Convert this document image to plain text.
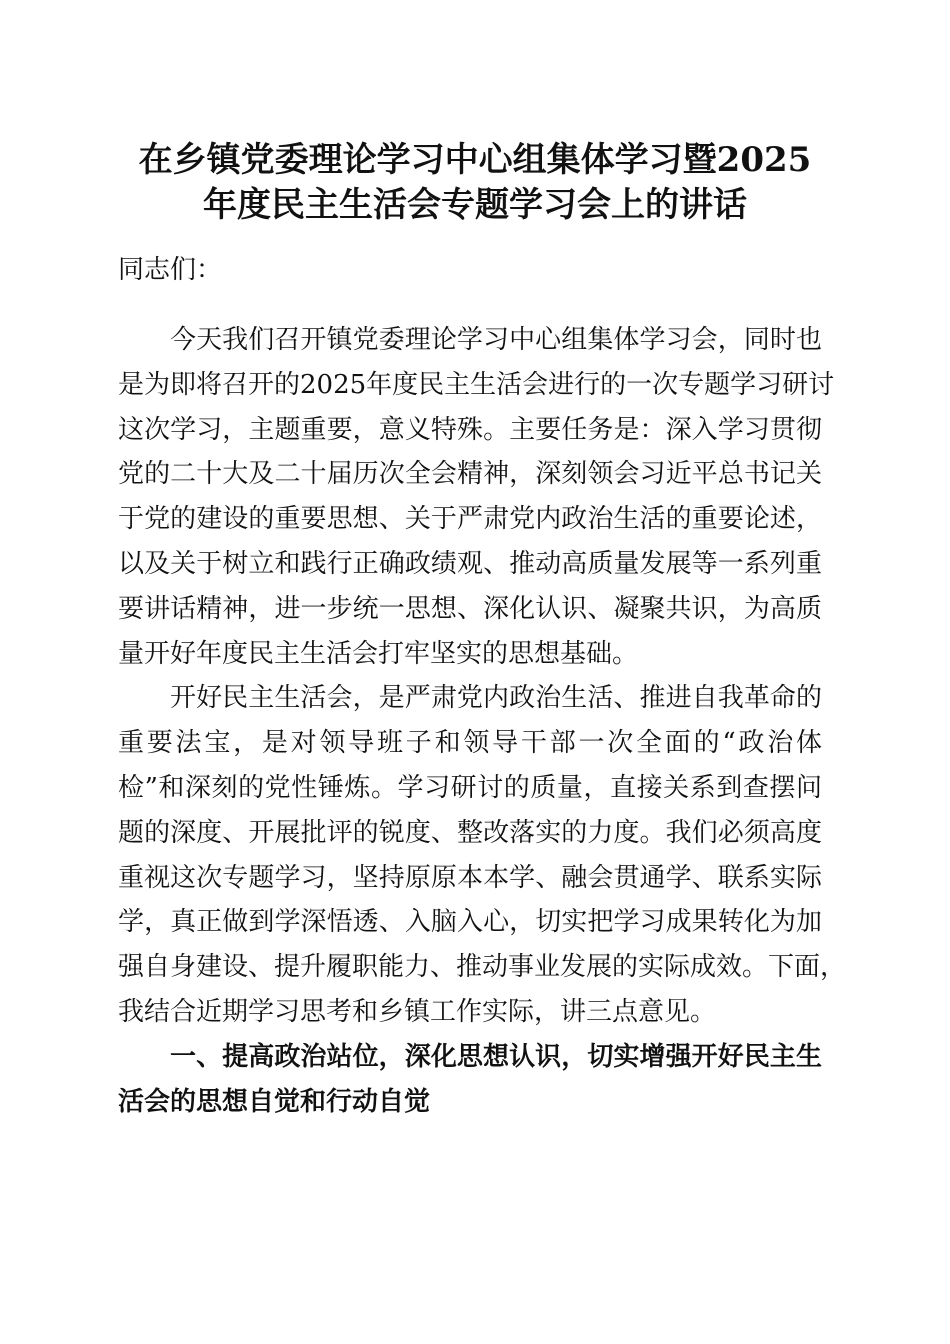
在乡镇党委理论学习中心组集体学习暨2025
年度民主生活会专题学习会上的讲话
同志们：
今天我们召开镇党委理论学习中心组集体学习会，同时也
是为即将召开的2025年度民主生活会进行的一次专题学习研讨
这次学习，主题重要，意义特殊。主要任务是：深入学习贯彻
党的二十大及二十届历次全会精神，深刻领会习近平总书记关
于党的建设的重要思想、关于严肃党内政治生活的重要论述，
以及关于树立和践行正确政绩观、推动高质量发展等一系列重
要讲话精神，进一步统一思想、深化认识、凝聚共识，为高质
量开好年度民主生活会打牢坚实的思想基础。
开好民主生活会，是严肃党内政治生活、推进自我革命的
重要法宝，是对领导班子和领导干部一次全面的“政治体
检”和深刻的党性锤炼。学习研讨的质量，直接关系到查摆问
题的深度、开展批评的锐度、整改落实的力度。我们必须高度
重视这次专题学习，坚持原原本本学、融会贯通学、联系实际
学，真正做到学深悟透、入脑入心，切实把学习成果转化为加
强自身建设、提升履职能力、推动事业发展的实际成效。下面，
我结合近期学习思考和乡镇工作实际，讲三点意见。
一、提高政治站位，深化思想认识，切实增强开好民主生
活会的思想自觉和行动自觉
